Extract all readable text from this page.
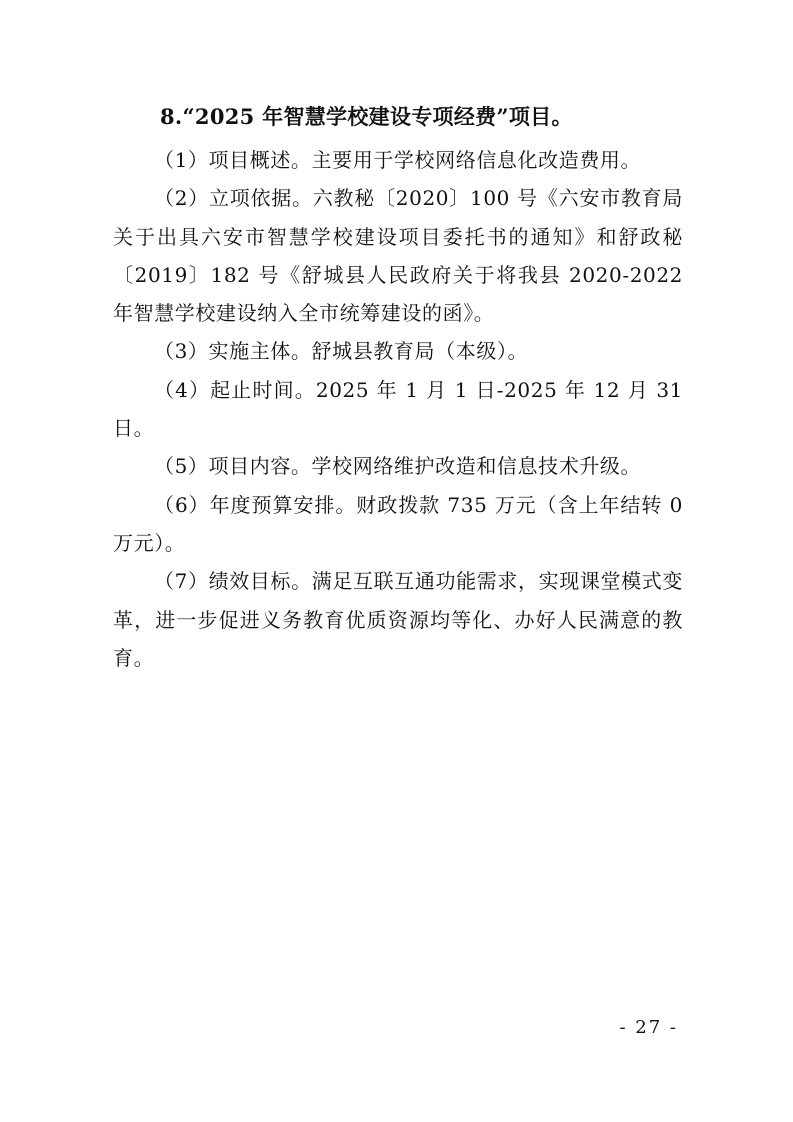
8.“2025 年智慧学校建设专项经费”项目。

（1）项目概述。主要用于学校网络信息化改造费用。

（2）立项依据。六教秘〔2020〕100 号《六安市教育局关于出具六安市智慧学校建设项目委托书的通知》和舒政秘〔2019〕182 号《舒城县人民政府关于将我县 2020-2022 年智慧学校建设纳入全市统筹建设的函》。

（3）实施主体。舒城县教育局（本级）。

（4）起止时间。2025 年 1 月 1 日-2025 年 12 月 31 日。

（5）项目内容。学校网络维护改造和信息技术升级。

（6）年度预算安排。财政拨款 735 万元（含上年结转 0 万元）。

（7）绩效目标。满足互联互通功能需求，实现课堂模式变革，进一步促进义务教育优质资源均等化、办好人民满意的教育。

- 27 -
